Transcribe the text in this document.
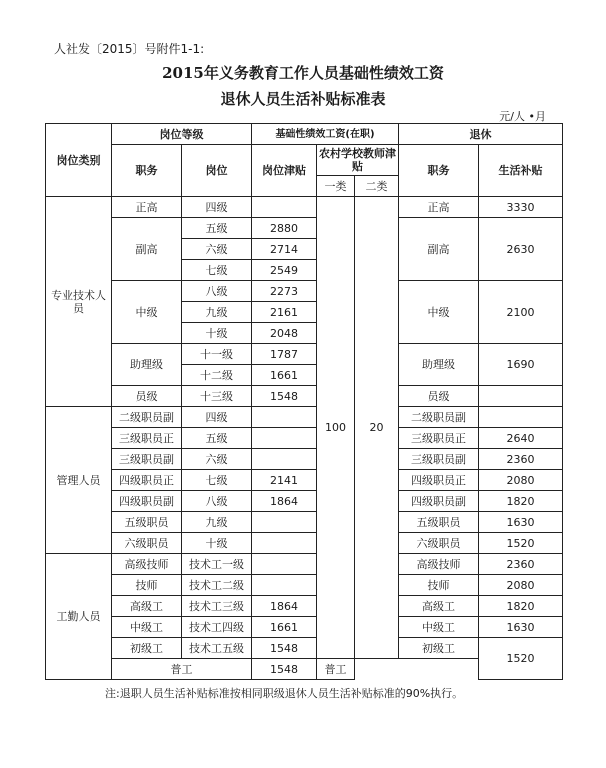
人社发〔2015〕号附件1-1:
2015年义务教育工作人员基础性绩效工资
退休人员生活补贴标准表
元/人 •月
岗位类别	岗位等级		基础性绩效工资(在职)			退休	
	职务	岗位	岗位津贴	农村学校教师津贴		职务	生活补贴
				一类	二类		
专业技术人员	正高	四级		100	20	正高	3330
	副高	五级	2880			副高	2630
		六级	2714				
		七级	2549				
	中级	八级	2273			中级	2100
		九级	2161				
		十级	2048				
	助理级	十一级	1787			助理级	1690
		十二级	1661				
	员级	十三级	1548			员级	
管理人员	二级职员副	四级				二级职员副	
	三级职员正	五级				三级职员正	2640
	三级职员副	六级				三级职员副	2360
	四级职员正	七级	2141			四级职员正	2080
	四级职员副	八级	1864			四级职员副	1820
	五级职员	九级				五级职员	1630
	六级职员	十级				六级职员	1520
工勤人员	高级技师	技术工一级				高级技师	2360
	技师	技术工二级				技师	2080
	高级工	技术工三级	1864			高级工	1820
	中级工	技术工四级	1661			中级工	1630
	初级工	技术工五级	1548			初级工	1520
	普工		1548	普工			
注:退职人员生活补贴标准按相同职级退休人员生活补贴标准的90%执行。
